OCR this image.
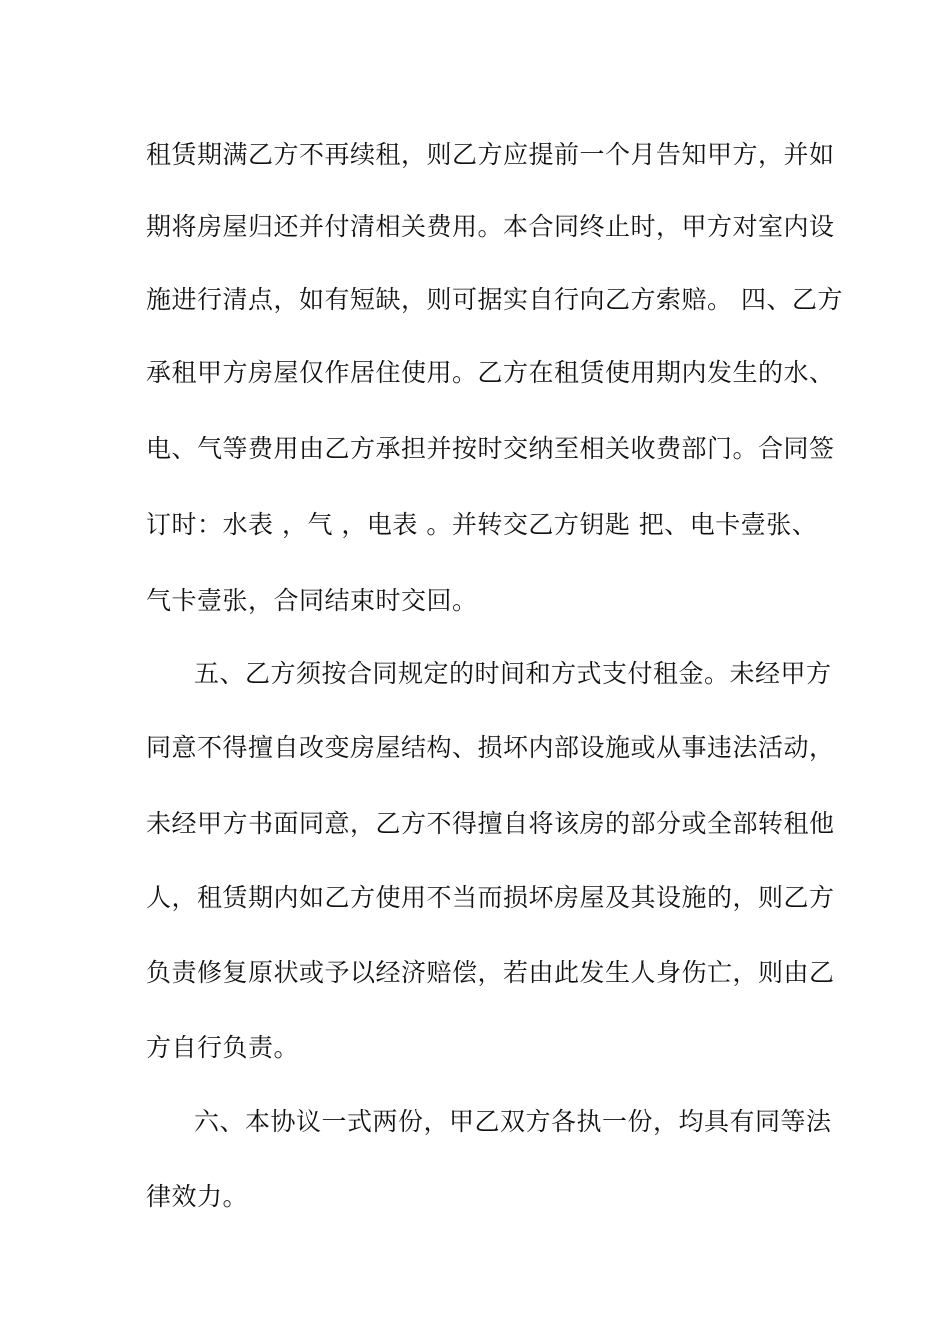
租赁期满乙方不再续租，则乙方应提前一个月告知甲方，并如
期将房屋归还并付清相关费用。本合同终止时，甲方对室内设
施进行清点，如有短缺，则可据实自行向乙方索赔。 四、乙方
承租甲方房屋仅作居住使用。乙方在租赁使用期内发生的水、
电、气等费用由乙方承担并按时交纳至相关收费部门。合同签
订时：水表 ，气 ，电表 。并转交乙方钥匙 把、电卡壹张、
气卡壹张，合同结束时交回。
五、乙方须按合同规定的时间和方式支付租金。未经甲方
同意不得擅自改变房屋结构、损坏内部设施或从事违法活动，
未经甲方书面同意，乙方不得擅自将该房的部分或全部转租他
人，租赁期内如乙方使用不当而损坏房屋及其设施的，则乙方
负责修复原状或予以经济赔偿，若由此发生人身伤亡，则由乙
方自行负责。
六、本协议一式两份，甲乙双方各执一份，均具有同等法
律效力。
